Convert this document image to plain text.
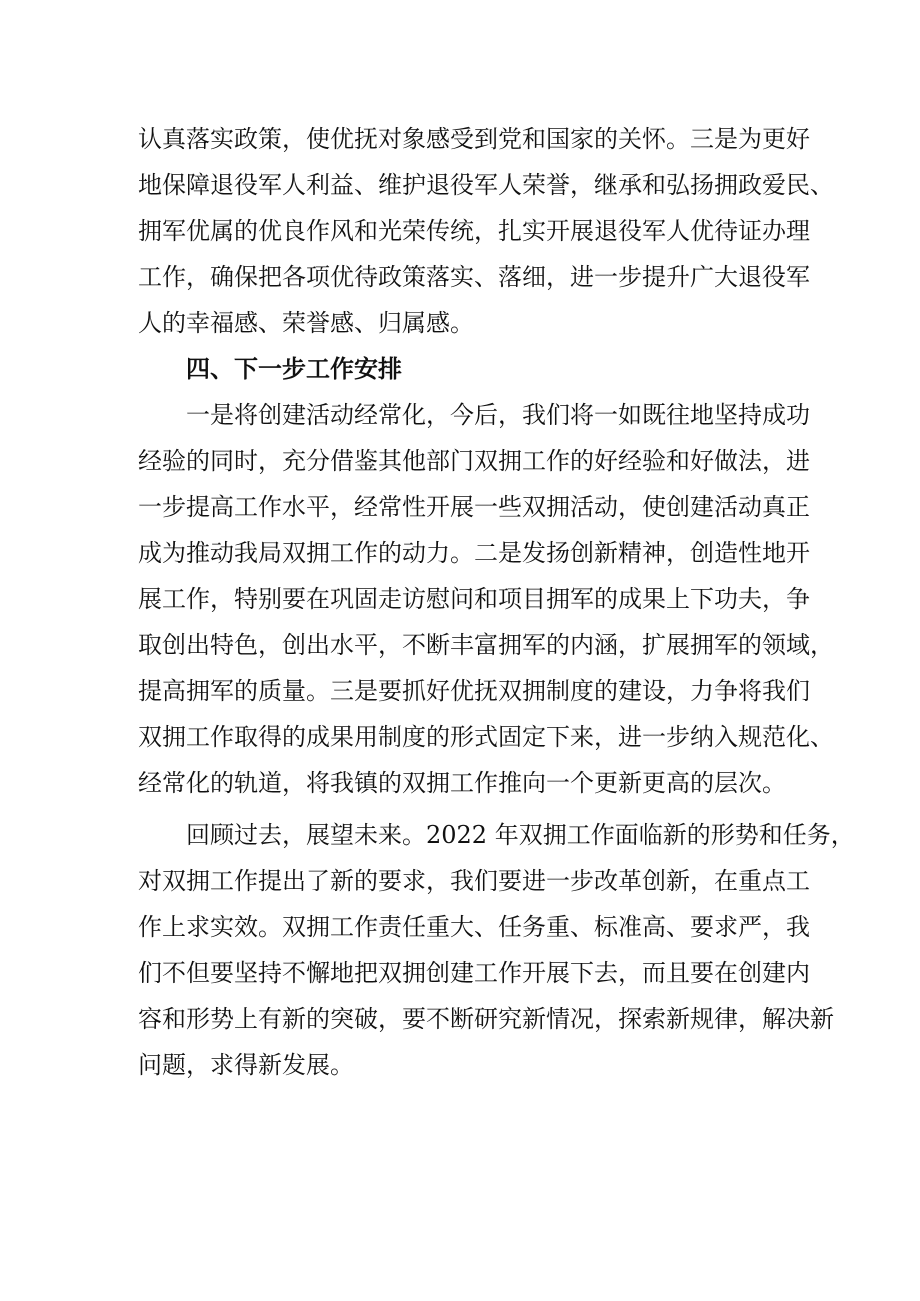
认真落实政策，使优抚对象感受到党和国家的关怀。三是为更好
地保障退役军人利益、维护退役军人荣誉，继承和弘扬拥政爱民、
拥军优属的优良作风和光荣传统，扎实开展退役军人优待证办理
工作，确保把各项优待政策落实、落细，进一步提升广大退役军
人的幸福感、荣誉感、归属感。
四、下一步工作安排
一是将创建活动经常化，今后，我们将一如既往地坚持成功
经验的同时，充分借鉴其他部门双拥工作的好经验和好做法，进
一步提高工作水平，经常性开展一些双拥活动，使创建活动真正
成为推动我局双拥工作的动力。二是发扬创新精神，创造性地开
展工作，特别要在巩固走访慰问和项目拥军的成果上下功夫，争
取创出特色，创出水平，不断丰富拥军的内涵，扩展拥军的领域，
提高拥军的质量。三是要抓好优抚双拥制度的建设，力争将我们
双拥工作取得的成果用制度的形式固定下来，进一步纳入规范化、
经常化的轨道，将我镇的双拥工作推向一个更新更高的层次。
回顾过去，展望未来。2022 年双拥工作面临新的形势和任务，
对双拥工作提出了新的要求，我们要进一步改革创新，在重点工
作上求实效。双拥工作责任重大、任务重、标准高、要求严，我
们不但要坚持不懈地把双拥创建工作开展下去，而且要在创建内
容和形势上有新的突破，要不断研究新情况，探索新规律，解决新
问题，求得新发展。
